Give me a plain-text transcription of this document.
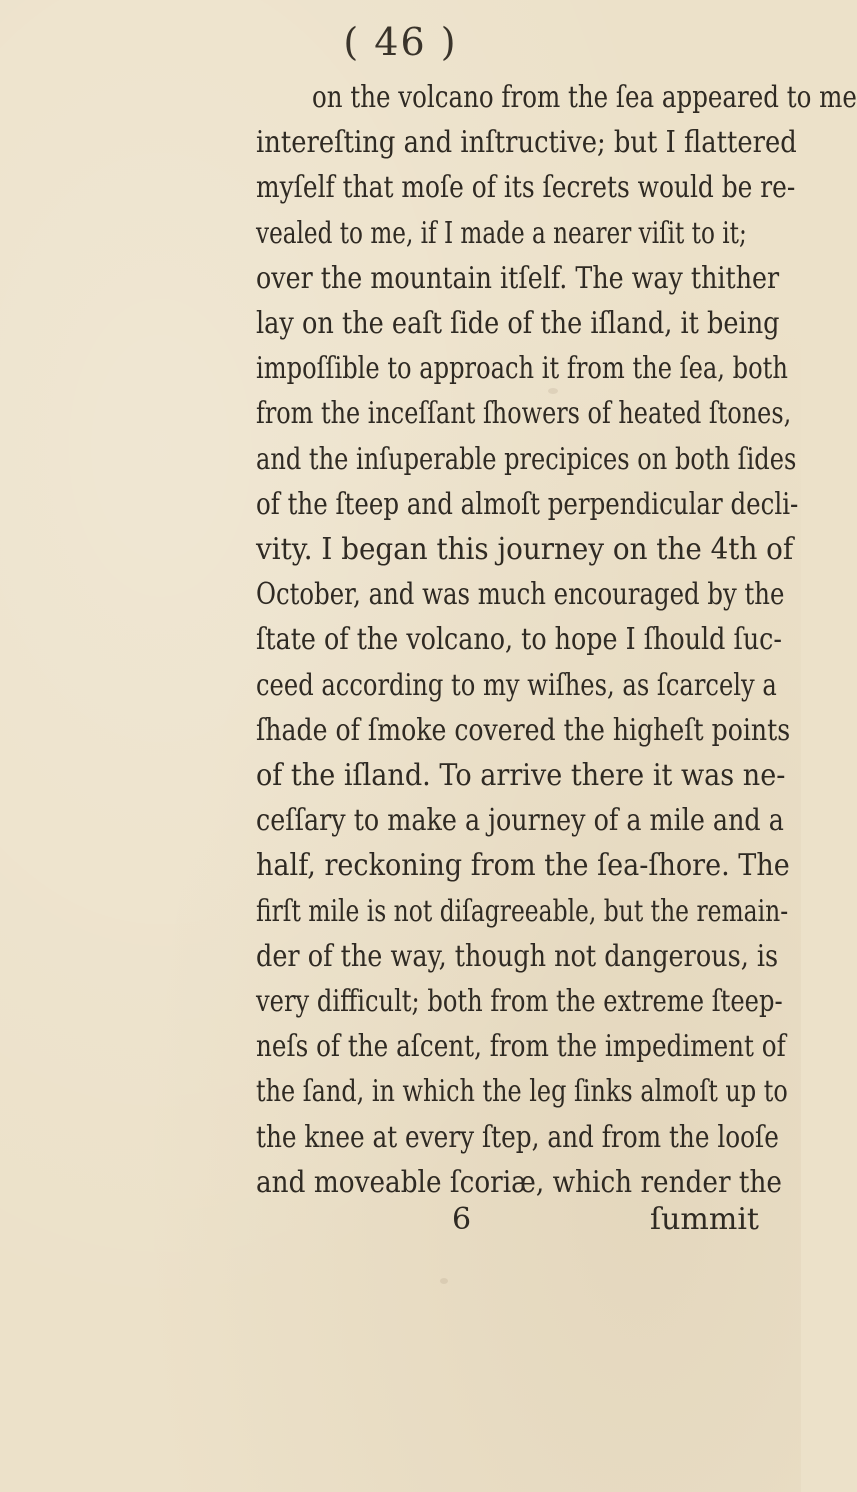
( 46 )
on the volcano from the ſea appeared to me
intereſting and inſtructive; but I flattered
myſelf that moſe of its ſecrets would be re-
vealed to me, if I made a nearer viſit to it;
over the mountain itſelf. The way thither
lay on the eaſt ſide of the iſland, it being
impoſſible to approach it from the ſea, both
from the inceſſant ſhowers of heated ſtones,
and the inſuperable precipices on both ſides
of the ſteep and almoſt perpendicular decli-
vity. I began this journey on the 4th of
October, and was much encouraged by the
ſtate of the volcano, to hope I ſhould ſuc-
ceed according to my wiſhes, as ſcarcely a
ſhade of ſmoke covered the higheſt points
of the iſland. To arrive there it was ne-
ceſſary to make a journey of a mile and a
half, reckoning from the ſea-ſhore. The
firſt mile is not diſagreeable, but the remain-
der of the way, though not dangerous, is
very difficult; both from the extreme ſteep-
neſs of the aſcent, from the impediment of
the ſand, in which the leg ſinks almoſt up to
the knee at every ſtep, and from the looſe
and moveable ſcoriæ, which render the
6	ſummit
